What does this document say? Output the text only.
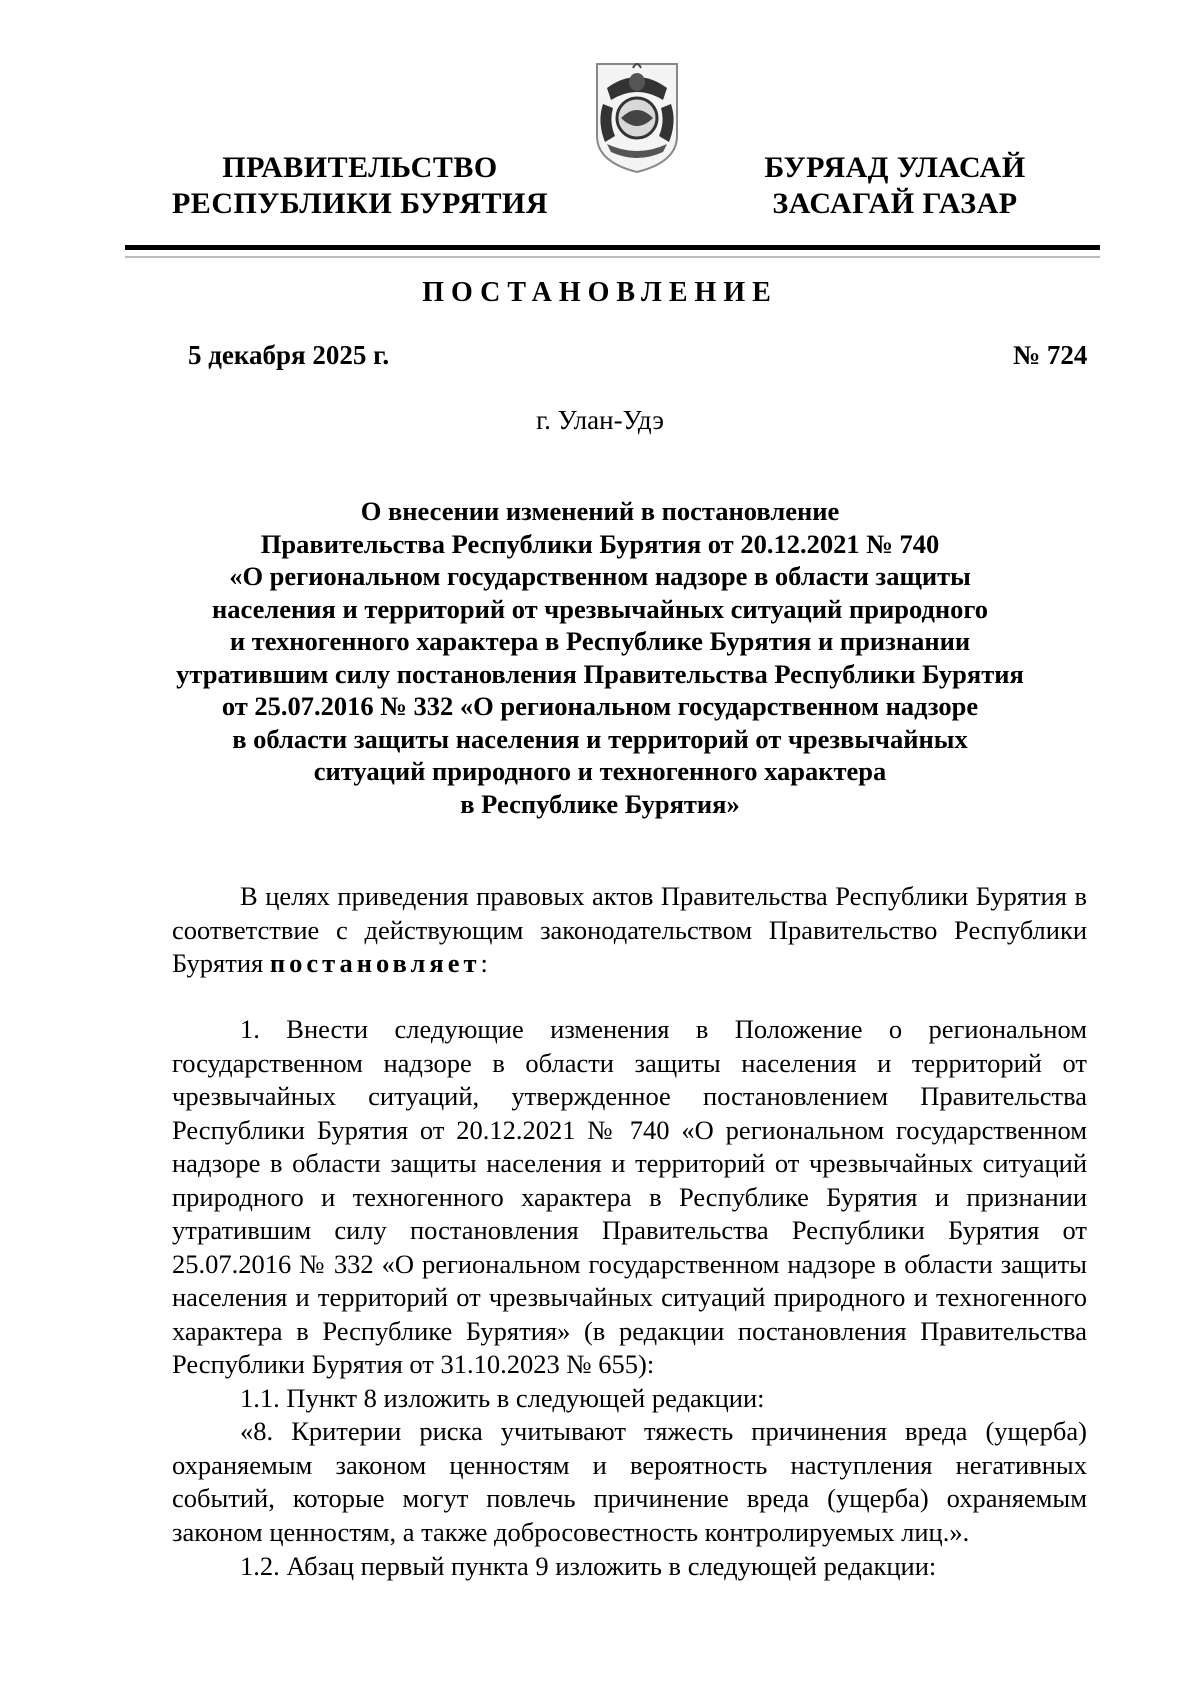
ПРАВИТЕЛЬСТВО
РЕСПУБЛИКИ БУРЯТИЯ
БУРЯАД УЛАСАЙ
ЗАСАГАЙ ГАЗАР
ПОСТАНОВЛЕНИЕ
5 декабря 2025 г.	№ 724
г. Улан-Удэ
О внесении изменений в постановление
Правительства Республики Бурятия от 20.12.2021 № 740
«О региональном государственном надзоре в области защиты
населения и территорий от чрезвычайных ситуаций природного
и техногенного характера в Республике Бурятия и признании
утратившим силу постановления Правительства Республики Бурятия
от 25.07.2016 № 332 «О региональном государственном надзоре
в области защиты населения и территорий от чрезвычайных
ситуаций природного и техногенного характера
в Республике Бурятия»
В целях приведения правовых актов Правительства Республики Бурятия в соответствие с действующим законодательством Правительство Республики Бурятия постановляет:
1. Внести следующие изменения в Положение о региональном государственном надзоре в области защиты населения и территорий от чрезвычайных ситуаций, утвержденное постановлением Правительства Республики Бурятия от 20.12.2021 № 740 «О региональном государственном надзоре в области защиты населения и территорий от чрезвычайных ситуаций природного и техногенного характера в Республике Бурятия и признании утратившим силу постановления Правительства Республики Бурятия от 25.07.2016 № 332 «О региональном государственном надзоре в области защиты населения и территорий от чрезвычайных ситуаций природного и техногенного характера в Республике Бурятия» (в редакции постановления Правительства Республики Бурятия от 31.10.2023 № 655):
1.1. Пункт 8 изложить в следующей редакции:
«8. Критерии риска учитывают тяжесть причинения вреда (ущерба) охраняемым законом ценностям и вероятность наступления негативных событий, которые могут повлечь причинение вреда (ущерба) охраняемым законом ценностям, а также добросовестность контролируемых лиц.».
1.2. Абзац первый пункта 9 изложить в следующей редакции:
